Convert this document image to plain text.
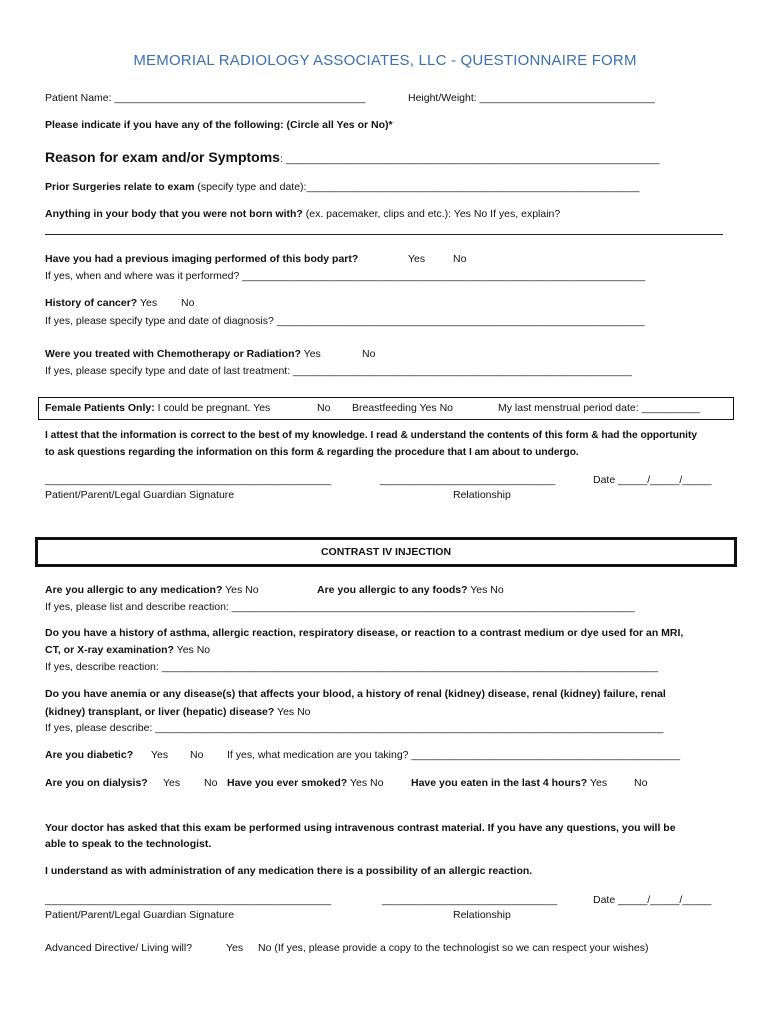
MEMORIAL RADIOLOGY ASSOCIATES, LLC - QUESTIONNAIRE FORM
Patient Name: ___________________________________________	Height/Weight: ______________________________
Please indicate if you have any of the following: (Circle all Yes or No)*
Reason for exam and/or Symptoms: ________________________________________________________________
Prior Surgeries relate to exam (specify type and date):_________________________________________________________
Anything in your body that you were not born with? (ex. pacemaker, clips and etc.): Yes No If yes, explain?
Have you had a previous imaging performed of this body part?	Yes	No
If yes, when and where was it performed? _____________________________________________________________________
History of cancer? Yes No
If yes, please specify type and date of diagnosis? _______________________________________________________________
Were you treated with Chemotherapy or Radiation? Yes	No
If yes, please specify type and date of last treatment: __________________________________________________________
Female Patients Only: I could be pregnant. Yes	No Breastfeeding Yes No	My last menstrual period date: __________
I attest that the information is correct to the best of my knowledge. I read & understand the contents of this form & had the opportunity
to ask questions regarding the information on this form & regarding the procedure that I am about to undergo.
_________________________________________________	______________________________	Date _____/_____/_____
Patient/Parent/Legal Guardian Signature	Relationship
CONTRAST IV INJECTION
Are you allergic to any medication? Yes No	Are you allergic to any foods? Yes No
If yes, please list and describe reaction: _____________________________________________________________________
Do you have a history of asthma, allergic reaction, respiratory disease, or reaction to a contrast medium or dye used for an MRI,
CT, or X-ray examination? Yes No
If yes, describe reaction: _____________________________________________________________________________________
Do you have anemia or any disease(s) that affects your blood, a history of renal (kidney) disease, renal (kidney) failure, renal
(kidney) transplant, or liver (hepatic) disease? Yes No
If yes, please describe: _______________________________________________________________________________________
Are you diabetic? Yes No If yes, what medication are you taking? ______________________________________________
Are you on dialysis? Yes No Have you ever smoked? Yes No	Have you eaten in the last 4 hours? Yes	No
Your doctor has asked that this exam be performed using intravenous contrast material. If you have any questions, you will be
able to speak to the technologist.
I understand as with administration of any medication there is a possibility of an allergic reaction.
_________________________________________________	______________________________	Date _____/_____/_____
Patient/Parent/Legal Guardian Signature	Relationship
Advanced Directive/ Living will?	Yes No (If yes, please provide a copy to the technologist so we can respect your wishes)
